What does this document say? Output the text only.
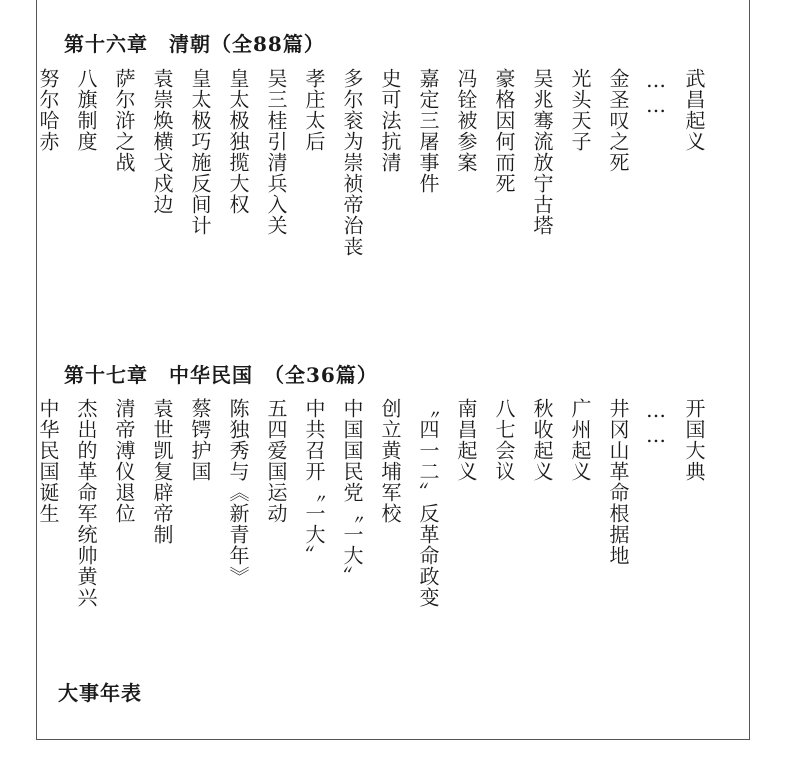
第十六章　清朝（全88篇）
武昌起义
……
金圣叹之死
光头天子
吴兆骞流放宁古塔
豪格因何而死
冯铨被参案
嘉定三屠事件
史可法抗清
多尔衮为崇祯帝治丧
孝庄太后
吴三桂引清兵入关
皇太极独揽大权
皇太极巧施反间计
袁崇焕横戈戍边
萨尔浒之战
八旗制度
努尔哈赤
第十七章　中华民国　（全36篇）
开国大典
……
井冈山革命根据地
广州起义
秋收起义
八七会议
南昌起义
〝四一二〞反革命政变
创立黄埔军校
中国国民党〝一大〞
中共召开〝一大〞
五四爱国运动
陈独秀与《新青年》
蔡锷护国
袁世凯复辟帝制
清帝溥仪退位
杰出的革命军统帅黄兴
中华民国诞生
大事年表
